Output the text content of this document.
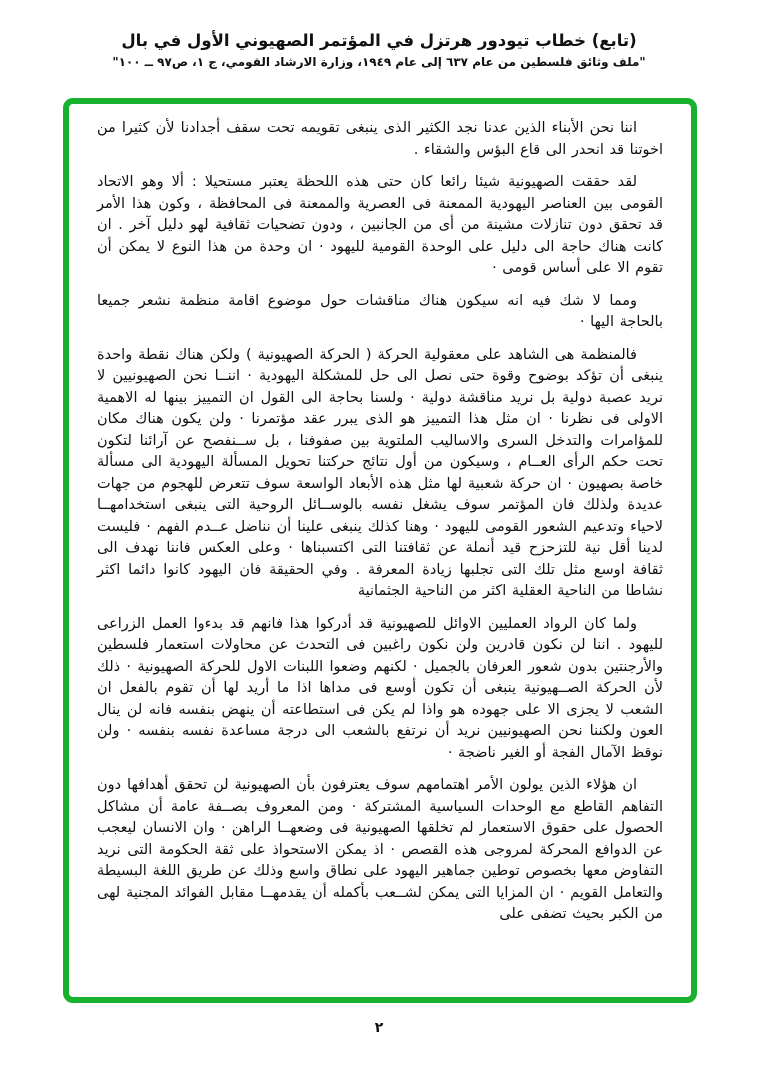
(تابع) خطاب تيودور هرتزل في المؤتمر الصهيوني الأول في بال
"ملف وثائق فلسطين من عام ٦٣٧ إلى عام ١٩٤٩، وزارة الارشاد القومي، ج ١، ص٩٧ ــ ١٠٠"

اننا نحن الأبناء الذين عدنا نجد الكثير الذى ينبغى تقويمه تحت سقف أجدادنا لأن كثيرا من اخوتنا قد انحدر الى قاع البؤس والشقاء .

لقد حققت الصهيونية شيئا رائعا كان حتى هذه اللحظة يعتبر مستحيلا : ألا وهو الاتحاد القومى بين العناصر اليهودية الممعنة فى العصرية والممعنة فى المحافظة ، وكون هذا الأمر قد تحقق دون تنازلات مشينة من أى من الجانبين ، ودون تضحيات ثقافية لهو دليل آخر . ان كانت هناك حاجة الى دليل على الوحدة القومية لليهود · ان وحدة من هذا النوع لا يمكن أن تقوم الا على أساس قومى ·

ومما لا شك فيه انه سيكون هناك مناقشات حول موضوع اقامة منظمة نشعر جميعا بالحاجة اليها ·

فالمنظمة هى الشاهد على معقولية الحركة ( الحركة الصهيونية ) ولكن هناك نقطة واحدة ينبغى أن تؤكد بوضوح وقوة حتى نصل الى حل للمشكلة اليهودية · اننــا نحن الصهيونيين لا نريد عصبة دولية بل نريد مناقشة دولية · ولسنا بحاجة الى القول ان التمييز بينها له الاهمية الاولى فى نظرنا · ان مثل هذا التمييز هو الذى يبرر عقد مؤتمرنا · ولن يكون هناك مكان للمؤامرات والتدخل السرى والاساليب الملتوية بين صفوفنا ، بل ســنفصح عن آرائنا لتكون تحت حكم الرأى العــام ، وسيكون من أول نتائج حركتنا تحويل المسألة اليهودية الى مسألة خاصة بصهيون · ان حركة شعبية لها مثل هذه الأبعاد الواسعة سوف تتعرض للهجوم من جهات عديدة ولذلك فان المؤتمر سوف يشغل نفسه بالوســائل الروحية التى ينبغى استخدامهــا لاحياء وتدعيم الشعور القومى لليهود · وهنا كذلك ينبغى علينا أن نناضل عــدم الفهم · فليست لدينا أقل نية للتزحزح قيد أنملة عن ثقافتنا التى اكتسبناها · وعلى العكس فاننا نهدف الى ثقافة اوسع مثل تلك التى تجلبها زيادة المعرفة . وفي الحقيقة فان اليهود كانوا دائما اكثر نشاطا من الناحية العقلية اكثر من الناحية الجثمانية

ولما كان الرواد العمليين الاوائل للصهيونية قد أدركوا هذا فانهم قد بدءوا العمل الزراعى لليهود . اننا لن نكون قادرين ولن نكون راغبين فى التحدث عن محاولات استعمار فلسطين والأرجنتين بدون شعور العرفان بالجميل · لكنهم وضعوا اللبنات الاول للحركة الصهيونية · ذلك لأن الحركة الصــهيونية ينبغى أن تكون أوسع فى مداها اذا ما أريد لها أن تقوم بالفعل ان الشعب لا يجزى الا على جهوده هو واذا لم يكن فى استطاعته أن ينهض بنفسه فانه لن ينال العون ولكننا نحن الصهيونيين نريد أن نرتفع بالشعب الى درجة مساعدة نفسه بنفسه · ولن نوقظ الآمال الفجة أو الغير ناضجة ·

ان هؤلاء الذين يولون الأمر اهتمامهم سوف يعترفون بأن الصهيونية لن تحقق أهدافها دون التفاهم القاطع مع الوحدات السياسية المشتركة · ومن المعروف بصــفة عامة أن مشاكل الحصول على حقوق الاستعمار لم تخلقها الصهيونية فى وضعهــا الراهن · وان الانسان ليعجب عن الدوافع المحركة لمروجى هذه القصص · اذ يمكن الاستحواذ على ثقة الحكومة التى نريد التفاوض معها بخصوص توطين جماهير اليهود على نطاق واسع وذلك عن طريق اللغة البسيطة والتعامل القويم · ان المزايا التى يمكن لشــعب بأكمله أن يقدمهــا مقابل الفوائد المجنية لهى من الكبر بحيث تضفى على

٢
